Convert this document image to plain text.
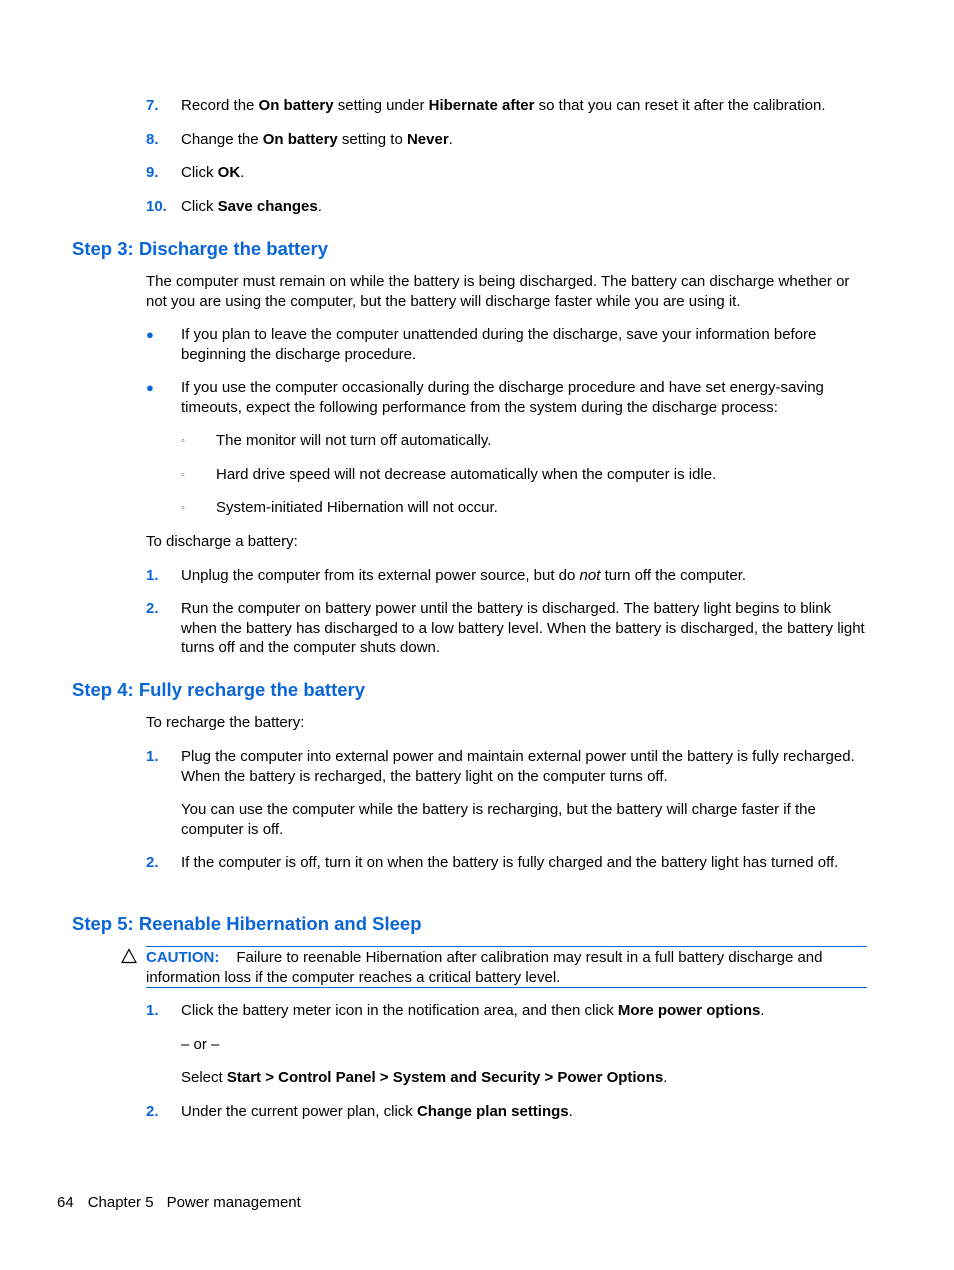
7. Record the On battery setting under Hibernate after so that you can reset it after the calibration.
8. Change the On battery setting to Never.
9. Click OK.
10. Click Save changes.
Step 3: Discharge the battery
The computer must remain on while the battery is being discharged. The battery can discharge whether or not you are using the computer, but the battery will discharge faster while you are using it.
● If you plan to leave the computer unattended during the discharge, save your information before beginning the discharge procedure.
● If you use the computer occasionally during the discharge procedure and have set energy-saving timeouts, expect the following performance from the system during the discharge process:
◦ The monitor will not turn off automatically.
◦ Hard drive speed will not decrease automatically when the computer is idle.
◦ System-initiated Hibernation will not occur.
To discharge a battery:
1. Unplug the computer from its external power source, but do not turn off the computer.
2. Run the computer on battery power until the battery is discharged. The battery light begins to blink when the battery has discharged to a low battery level. When the battery is discharged, the battery light turns off and the computer shuts down.
Step 4: Fully recharge the battery
To recharge the battery:
1. Plug the computer into external power and maintain external power until the battery is fully recharged. When the battery is recharged, the battery light on the computer turns off.
You can use the computer while the battery is recharging, but the battery will charge faster if the computer is off.
2. If the computer is off, turn it on when the battery is fully charged and the battery light has turned off.
Step 5: Reenable Hibernation and Sleep
CAUTION: Failure to reenable Hibernation after calibration may result in a full battery discharge and information loss if the computer reaches a critical battery level.
1. Click the battery meter icon in the notification area, and then click More power options.
– or –
Select Start > Control Panel > System and Security > Power Options.
2. Under the current power plan, click Change plan settings.
64 Chapter 5 Power management
